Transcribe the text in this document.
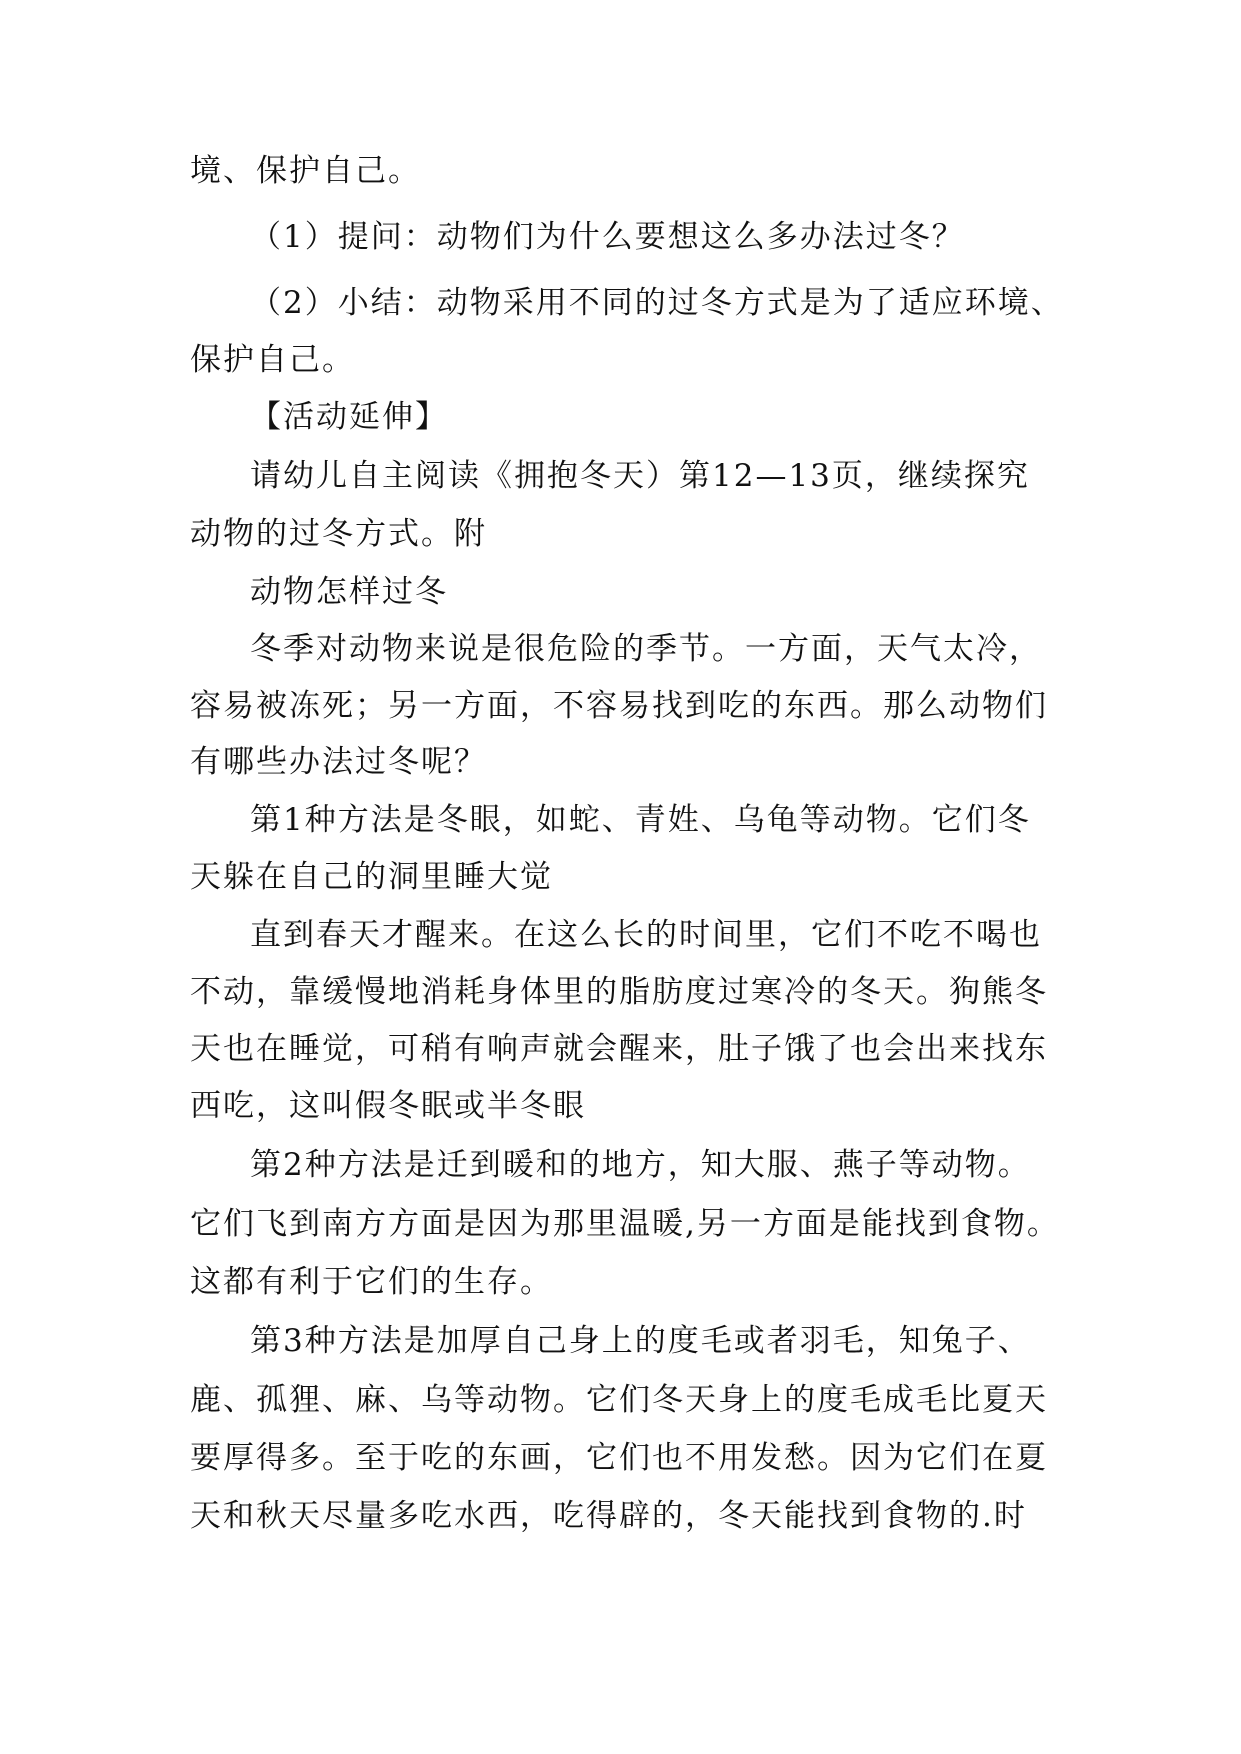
境、保护自己。
（1）提问：动物们为什么要想这么多办法过冬？
（2）小结：动物采用不同的过冬方式是为了适应环境、
保护自己。
【活动延伸】
请幼儿自主阅读《拥抱冬天）第12—13页，继续探究
动物的过冬方式。附
动物怎样过冬
冬季对动物来说是很危险的季节。一方面，天气太冷，
容易被冻死；另一方面，不容易找到吃的东西。那么动物们
有哪些办法过冬呢？
第1种方法是冬眼，如蛇、青姓、乌龟等动物。它们冬
天躲在自己的洞里睡大觉
直到春天才醒来。在这么长的时间里，它们不吃不喝也
不动，靠缓慢地消耗身体里的脂肪度过寒冷的冬天。狗熊冬
天也在睡觉，可稍有响声就会醒来，肚子饿了也会出来找东
西吃，这叫假冬眠或半冬眼
第2种方法是迁到暖和的地方，知大服、燕子等动物。
它们飞到南方方面是因为那里温暖,另一方面是能找到食物。
这都有利于它们的生存。
第3种方法是加厚自己身上的度毛或者羽毛，知兔子、
鹿、孤狸、麻、乌等动物。它们冬天身上的度毛成毛比夏天
要厚得多。至于吃的东画，它们也不用发愁。因为它们在夏
天和秋天尽量多吃水西，吃得辟的，冬天能找到食物的.时
